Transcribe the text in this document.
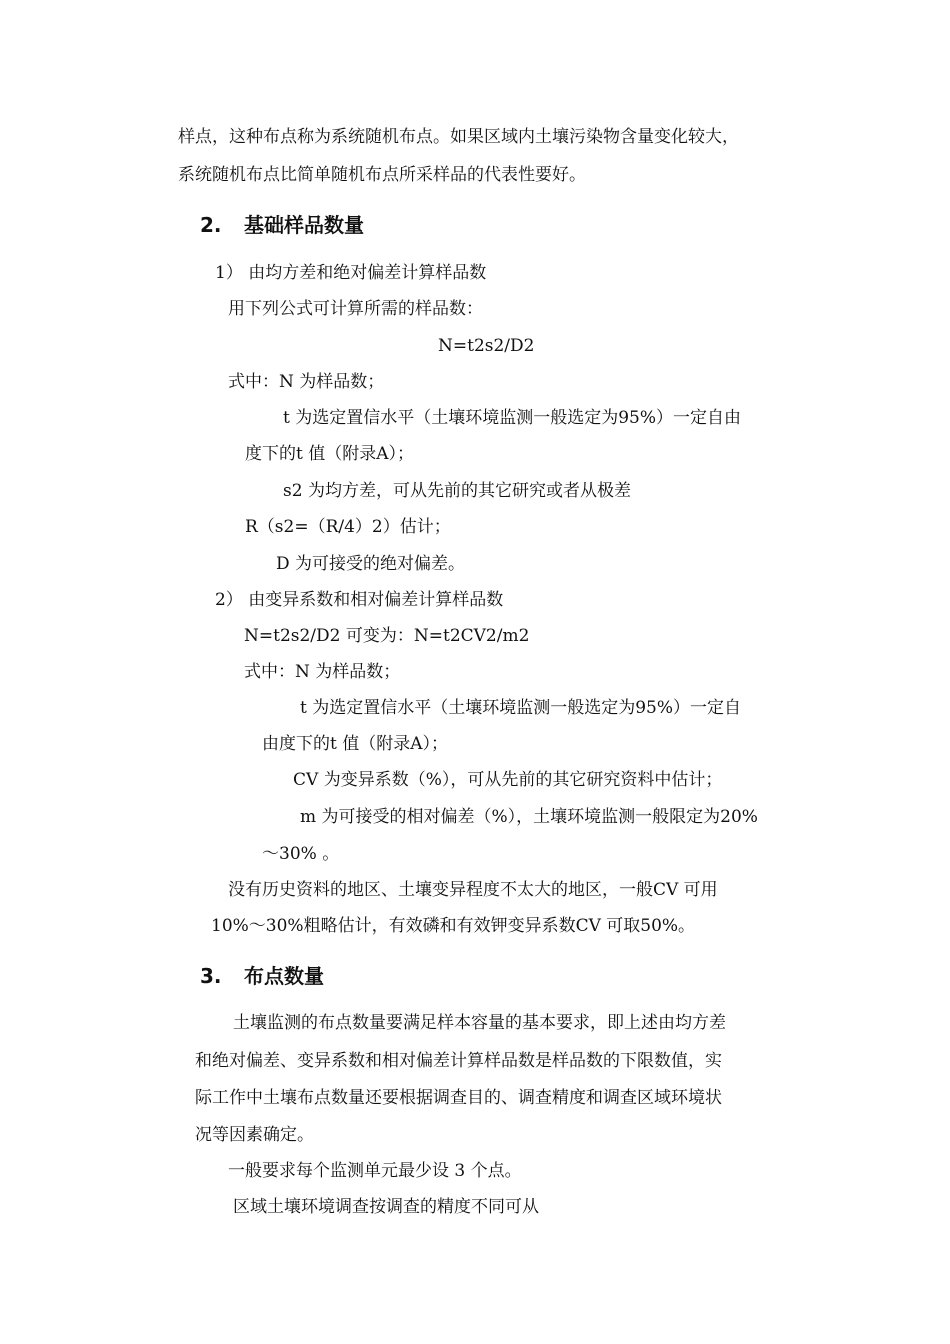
样点，这种布点称为系统随机布点。如果区域内土壤污染物含量变化较大，
系统随机布点比简单随机布点所采样品的代表性要好。
2. 基础样品数量
1） 由均方差和绝对偏差计算样品数
用下列公式可计算所需的样品数：
N=t2s2/D2
式中：N 为样品数；
t 为选定置信水平（土壤环境监测一般选定为95%）一定自由
度下的t 值（附录A）；
s2 为均方差，可从先前的其它研究或者从极差
R（s2=（R/4）2）估计；
D 为可接受的绝对偏差。
2） 由变异系数和相对偏差计算样品数
N=t2s2/D2 可变为：N=t2CV2/m2
式中：N 为样品数；
t 为选定置信水平（土壤环境监测一般选定为95%）一定自
由度下的t 值（附录A）；
CV 为变异系数（%），可从先前的其它研究资料中估计；
m 为可接受的相对偏差（%），土壤环境监测一般限定为20%
～30% 。
没有历史资料的地区、土壤变异程度不太大的地区，一般CV 可用
10%～30%粗略估计，有效磷和有效钾变异系数CV 可取50%。
3. 布点数量
土壤监测的布点数量要满足样本容量的基本要求，即上述由均方差
和绝对偏差、变异系数和相对偏差计算样品数是样品数的下限数值，实
际工作中土壤布点数量还要根据调查目的、调查精度和调查区域环境状
况等因素确定。
一般要求每个监测单元最少设 3 个点。
区域土壤环境调查按调查的精度不同可从
